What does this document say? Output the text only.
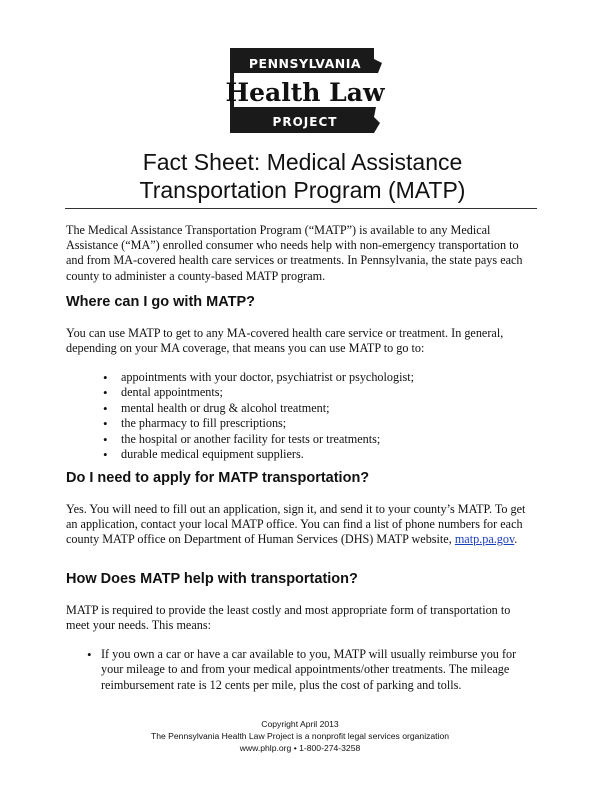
PENNSYLVANIA
Health Law
PROJECT
Fact Sheet: Medical Assistance
Transportation Program (MATP)
The Medical Assistance Transportation Program (“MATP”) is available to any Medical Assistance (“MA”) enrolled consumer who needs help with non-emergency transportation to and from MA-covered health care services or treatments. In Pennsylvania, the state pays each county to administer a county-based MATP program.
Where can I go with MATP?
You can use MATP to get to any MA-covered health care service or treatment. In general, depending on your MA coverage, that means you can use MATP to go to:
• appointments with your doctor, psychiatrist or psychologist;
• dental appointments;
• mental health or drug & alcohol treatment;
• the pharmacy to fill prescriptions;
• the hospital or another facility for tests or treatments;
• durable medical equipment suppliers.
Do I need to apply for MATP transportation?
Yes. You will need to fill out an application, sign it, and send it to your county’s MATP. To get an application, contact your local MATP office. You can find a list of phone numbers for each county MATP office on Department of Human Services (DHS) MATP website, matp.pa.gov.
How Does MATP help with transportation?
MATP is required to provide the least costly and most appropriate form of transportation to meet your needs. This means:
• If you own a car or have a car available to you, MATP will usually reimburse you for your mileage to and from your medical appointments/other treatments. The mileage reimbursement rate is 12 cents per mile, plus the cost of parking and tolls.
Copyright April 2013
The Pennsylvania Health Law Project is a nonprofit legal services organization
www.phlp.org • 1-800-274-3258
